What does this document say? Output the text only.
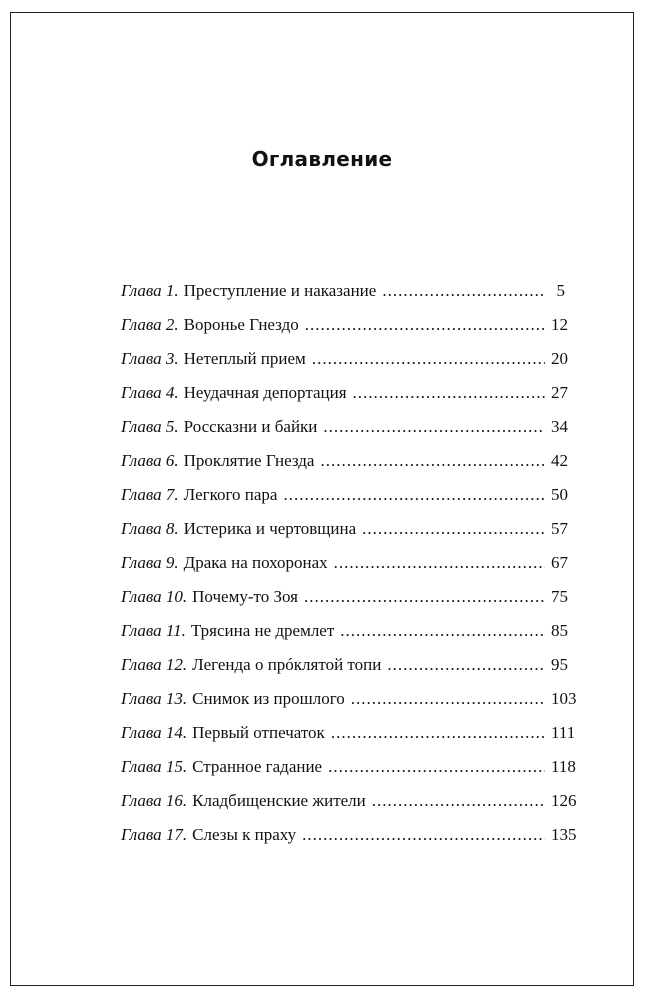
Оглавление
Глава 1. Преступление и наказание .....	5
Глава 2. Воронье Гнездо .....	12
Глава 3. Нетеплый прием .....	20
Глава 4. Неудачная депортация .....	27
Глава 5. Россказни и байки .....	34
Глава 6. Проклятие Гнезда .....	42
Глава 7. Легкого пара .....	50
Глава 8. Истерика и чертовщина .....	57
Глава 9. Драка на похоронах .....	67
Глава 10. Почему-то Зоя .....	75
Глава 11. Трясина не дремлет .....	85
Глава 12. Легенда о прóклятой топи .....	95
Глава 13. Снимок из прошлого .....	103
Глава 14. Первый отпечаток .....	111
Глава 15. Странное гадание .....	118
Глава 16. Кладбищенские жители .....	126
Глава 17. Слезы к праху .....	135
